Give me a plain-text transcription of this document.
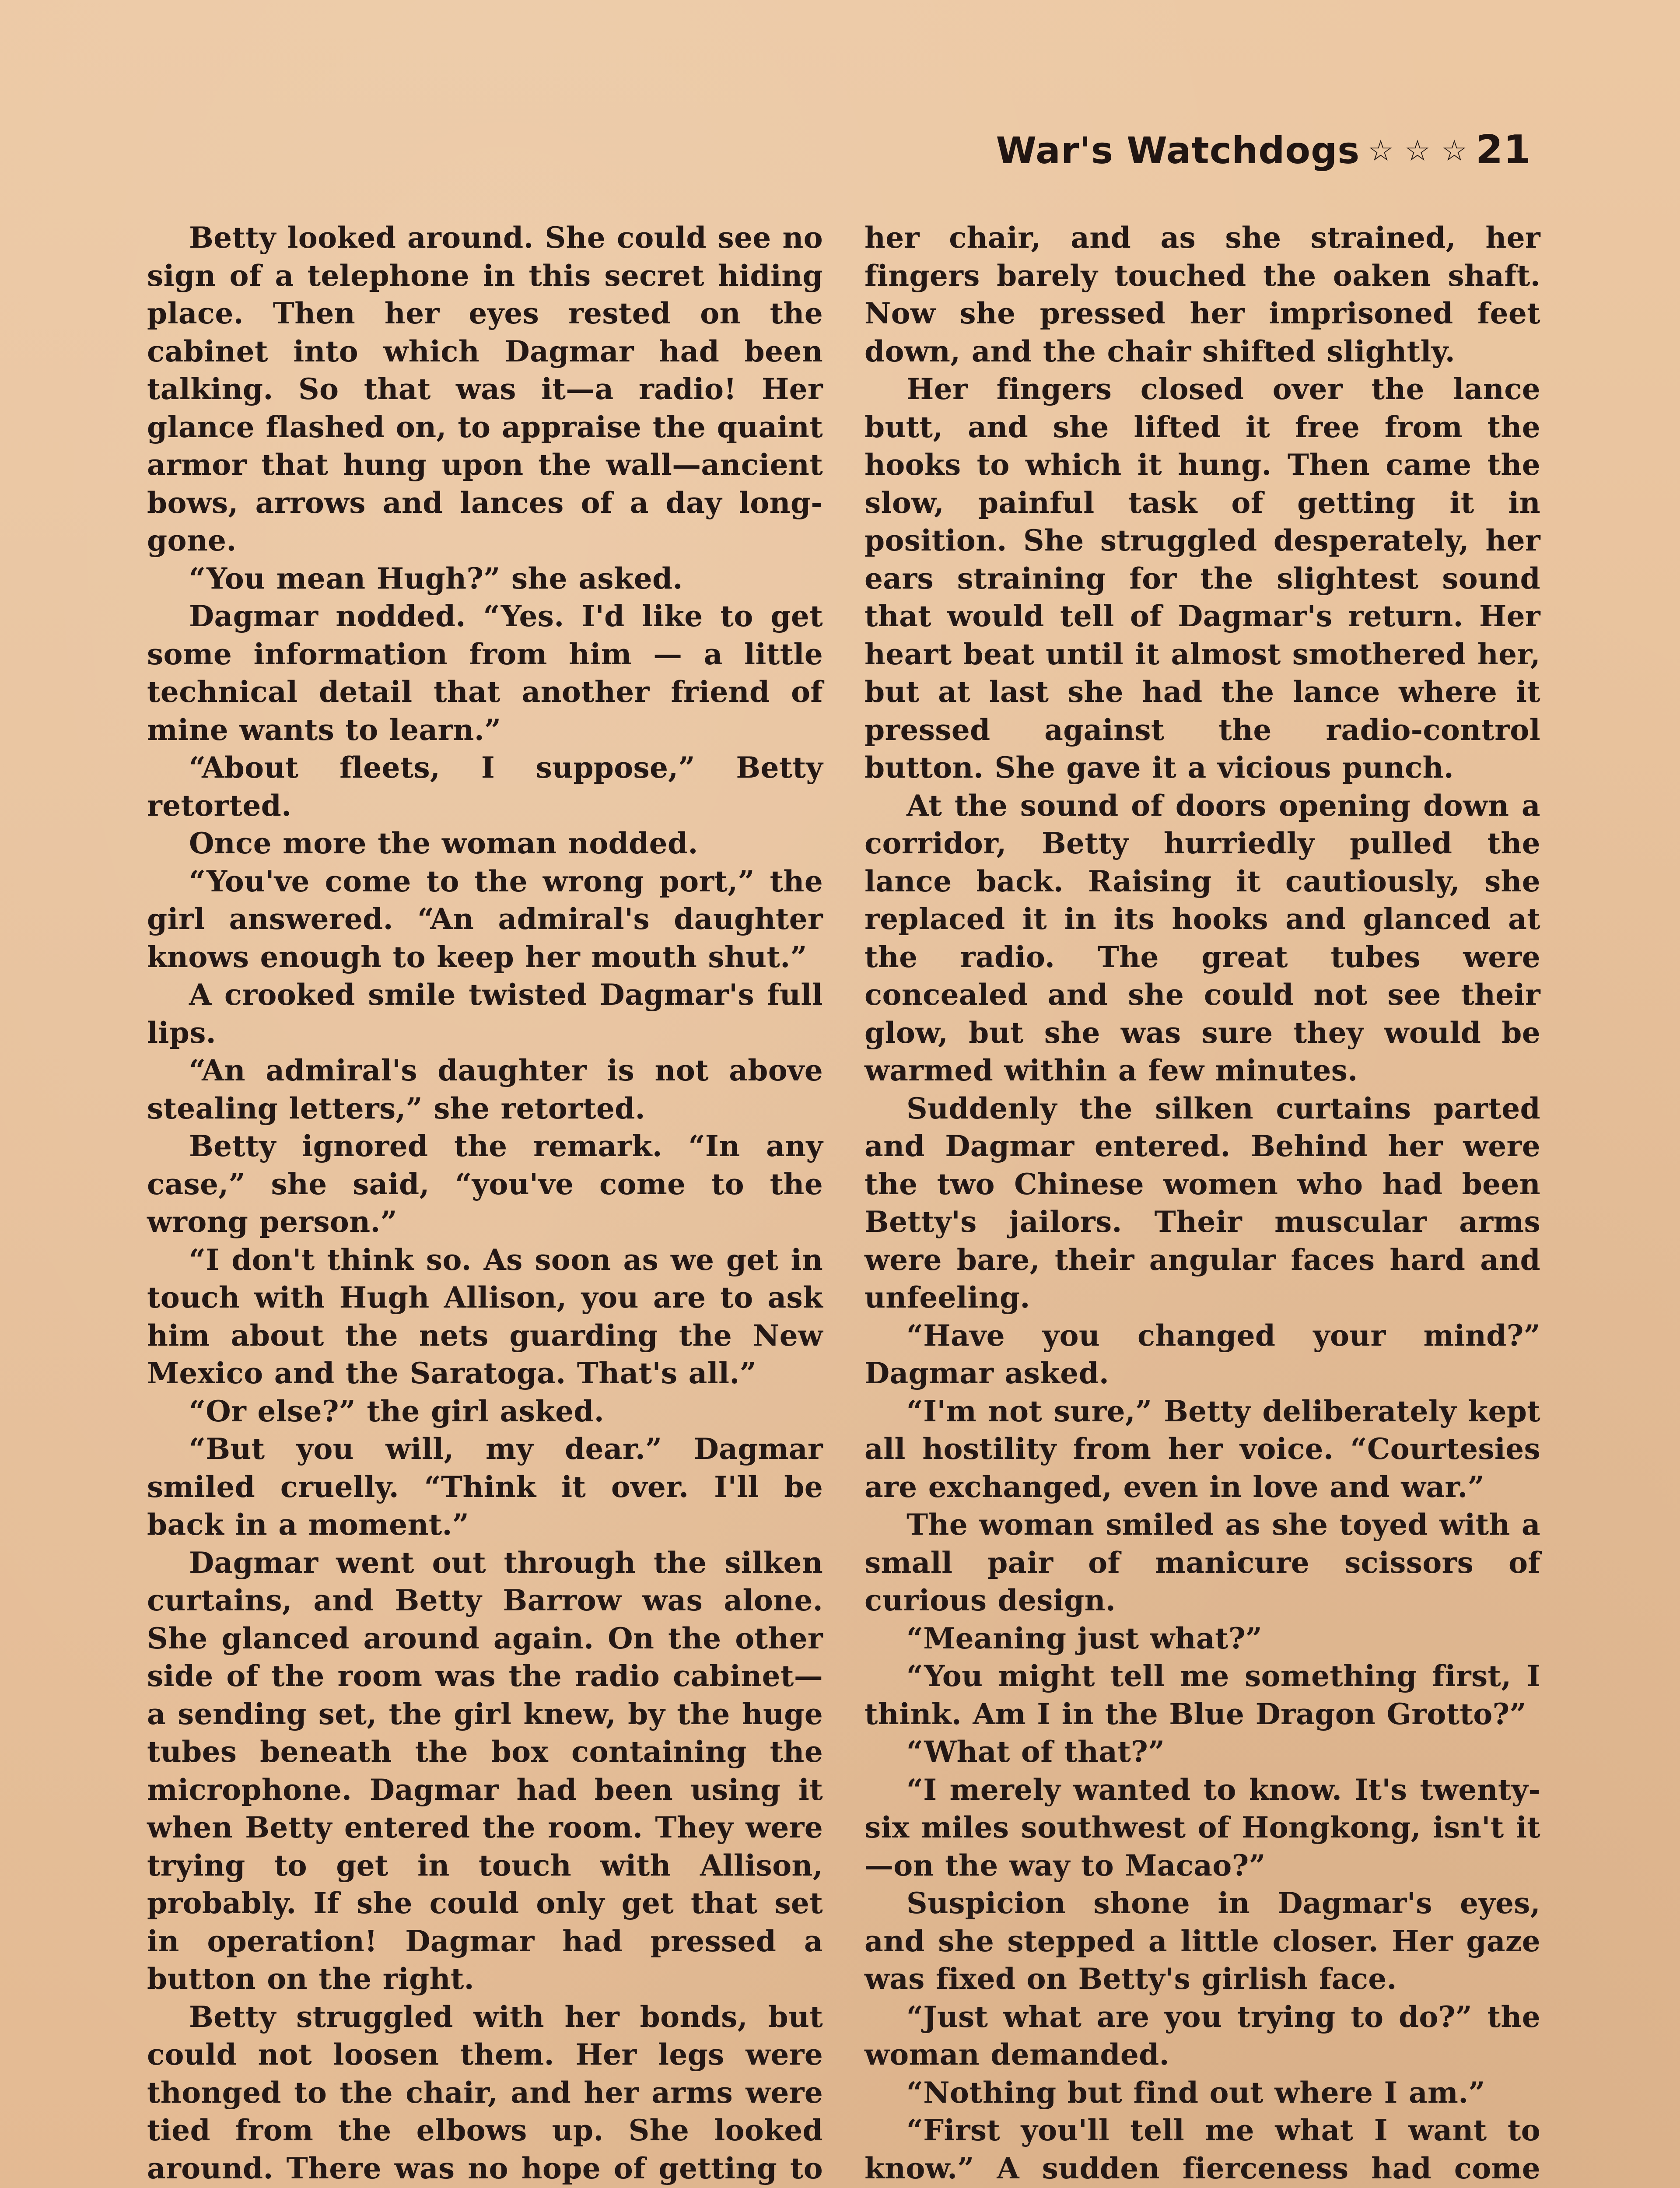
War's Watchdogs ☆ ☆ ☆ 21

Betty looked around. She could see no sign of a telephone in this secret hiding place. Then her eyes rested on the cabinet into which Dagmar had been talking. So that was it—a radio! Her glance flashed on, to appraise the quaint armor that hung upon the wall—ancient bows, arrows and lances of a day long-gone.

“You mean Hugh?” she asked.

Dagmar nodded. “Yes. I'd like to get some information from him — a little technical detail that another friend of mine wants to learn.”

“About fleets, I suppose,” Betty retorted.

Once more the woman nodded.

“You've come to the wrong port,” the girl answered. “An admiral's daughter knows enough to keep her mouth shut.”

A crooked smile twisted Dagmar's full lips.

“An admiral's daughter is not above stealing letters,” she retorted.

Betty ignored the remark. “In any case,” she said, “you've come to the wrong person.”

“I don't think so. As soon as we get in touch with Hugh Allison, you are to ask him about the nets guarding the New Mexico and the Saratoga. That's all.”

“Or else?” the girl asked.

“But you will, my dear.” Dagmar smiled cruelly. “Think it over. I'll be back in a moment.”

Dagmar went out through the silken curtains, and Betty Barrow was alone. She glanced around again. On the other side of the room was the radio cabinet—a sending set, the girl knew, by the huge tubes beneath the box containing the microphone. Dagmar had been using it when Betty entered the room. They were trying to get in touch with Allison, probably. If she could only get that set in operation! Dagmar had pressed a button on the right.

Betty struggled with her bonds, but could not loosen them. Her legs were thonged to the chair, and her arms were tied from the elbows up. She looked around. There was no hope of getting to

her chair, and as she strained, her fingers barely touched the oaken shaft. Now she pressed her imprisoned feet down, and the chair shifted slightly.

Her fingers closed over the lance butt, and she lifted it free from the hooks to which it hung. Then came the slow, painful task of getting it in position. She struggled desperately, her ears straining for the slightest sound that would tell of Dagmar's return. Her heart beat until it almost smothered her, but at last she had the lance where it pressed against the radio-control button. She gave it a vicious punch.

At the sound of doors opening down a corridor, Betty hurriedly pulled the lance back. Raising it cautiously, she replaced it in its hooks and glanced at the radio. The great tubes were concealed and she could not see their glow, but she was sure they would be warmed within a few minutes.

Suddenly the silken curtains parted and Dagmar entered. Behind her were the two Chinese women who had been Betty's jailors. Their muscular arms were bare, their angular faces hard and unfeeling.

“Have you changed your mind?” Dagmar asked.

“I'm not sure,” Betty deliberately kept all hostility from her voice. “Courtesies are exchanged, even in love and war.”

The woman smiled as she toyed with a small pair of manicure scissors of curious design.

“Meaning just what?”

“You might tell me something first, I think. Am I in the Blue Dragon Grotto?”

“What of that?”

“I merely wanted to know. It's twenty-six miles southwest of Hongkong, isn't it—on the way to Macao?”

Suspicion shone in Dagmar's eyes, and she stepped a little closer. Her gaze was fixed on Betty's girlish face.

“Just what are you trying to do?” the woman demanded.

“Nothing but find out where I am.”

“First you'll tell me what I want to know.” A sudden fierceness had come
